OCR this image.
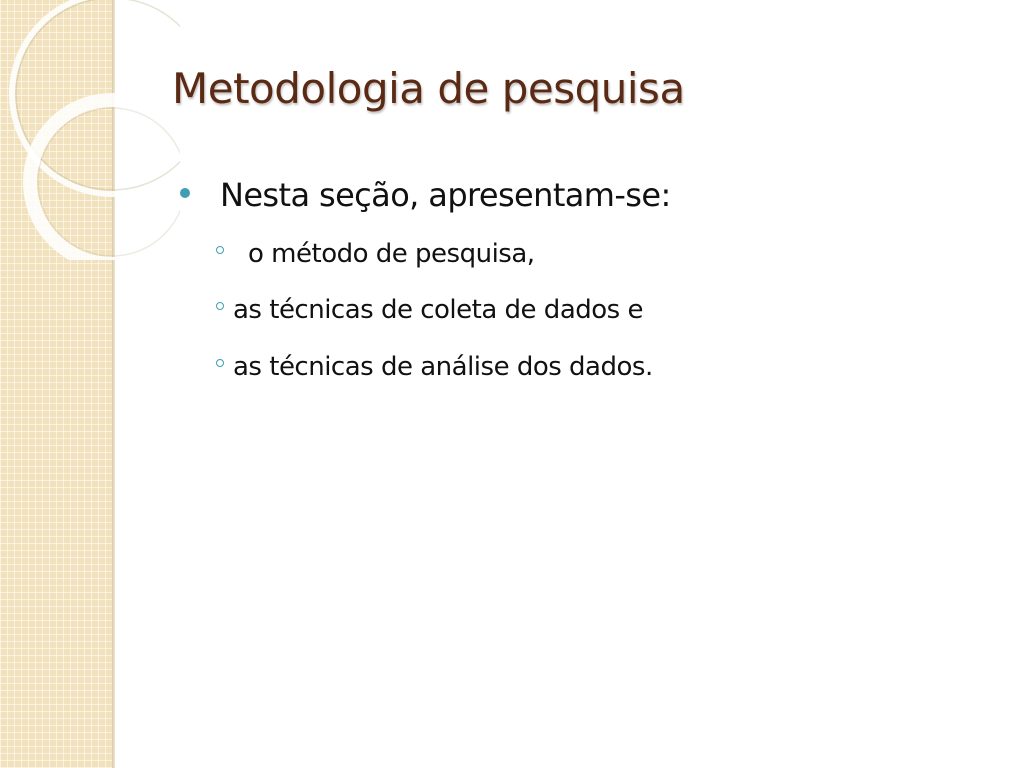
Metodologia de pesquisa
Nesta seção, apresentam-se:
o método de pesquisa,
as técnicas de coleta de dados e
as técnicas de análise dos dados.
